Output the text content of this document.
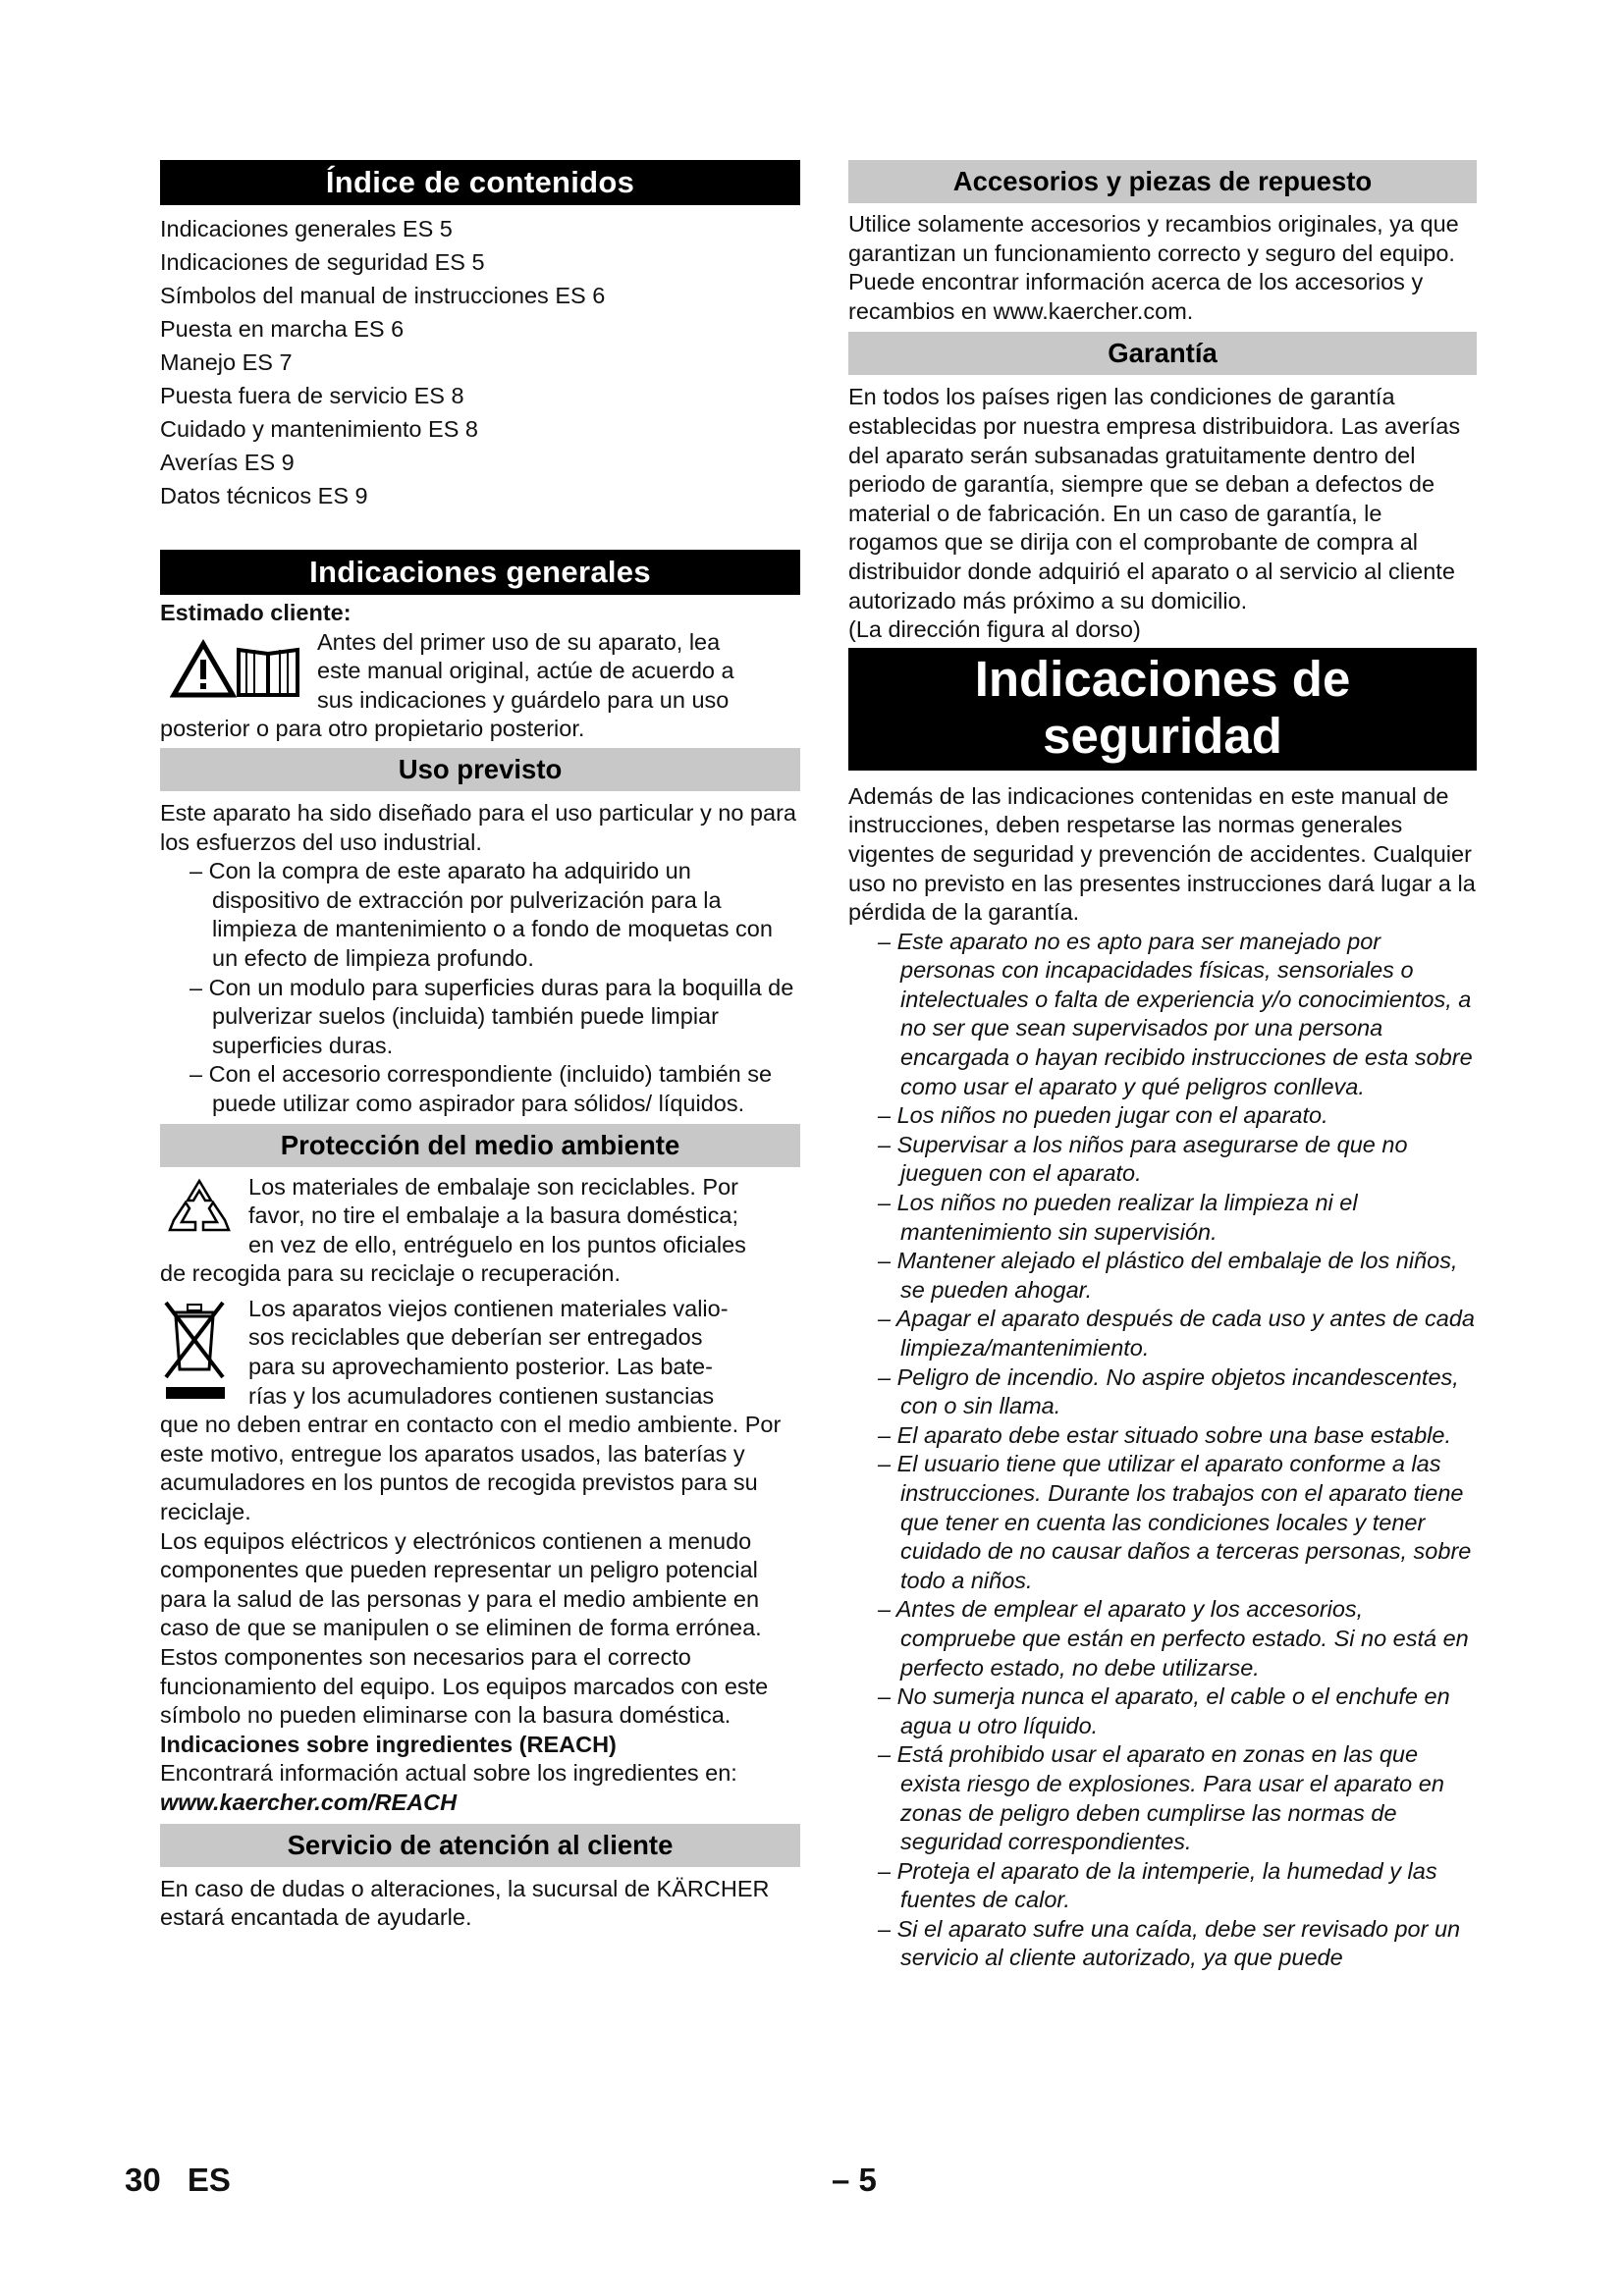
Índice de contenidos
Indicaciones generales ES 5
Indicaciones de seguridad ES 5
Símbolos del manual de instrucciones ES 6
Puesta en marcha ES 6
Manejo ES 7
Puesta fuera de servicio ES 8
Cuidado y mantenimiento ES 8
Averías ES 9
Datos técnicos ES 9
Indicaciones generales
Estimado cliente:
Antes del primer uso de su aparato, lea
este manual original, actúe de acuerdo a
sus indicaciones y guárdelo para un uso
posterior o para otro propietario posterior.
Uso previsto
Este aparato ha sido diseñado para el uso particular y no para los esfuerzos del uso industrial.
– Con la compra de este aparato ha adquirido un dispositivo de extracción por pulverización para la limpieza de mantenimiento o a fondo de moquetas con un efecto de limpieza profundo.
– Con un modulo para superficies duras para la boquilla de pulverizar suelos (incluida) también puede limpiar superficies duras.
– Con el accesorio correspondiente (incluido) también se puede utilizar como aspirador para sólidos/ líquidos.
Protección del medio ambiente
Los materiales de embalaje son reciclables. Por
favor, no tire el embalaje a la basura doméstica;
en vez de ello, entréguelo en los puntos oficiales
de recogida para su reciclaje o recuperación.
Los aparatos viejos contienen materiales valio-
sos reciclables que deberían ser entregados
para su aprovechamiento posterior. Las bate-
rías y los acumuladores contienen sustancias
que no deben entrar en contacto con el medio ambiente. Por este motivo, entregue los aparatos usados, las baterías y acumuladores en los puntos de recogida previstos para su reciclaje.
Los equipos eléctricos y electrónicos contienen a menudo componentes que pueden representar un peligro potencial para la salud de las personas y para el medio ambiente en caso de que se manipulen o se eliminen de forma errónea. Estos componentes son necesarios para el correcto funcionamiento del equipo. Los equipos marcados con este símbolo no pueden eliminarse con la basura doméstica.
Indicaciones sobre ingredientes (REACH)
Encontrará información actual sobre los ingredientes en:
www.kaercher.com/REACH
Servicio de atención al cliente
En caso de dudas o alteraciones, la sucursal de KÄRCHER estará encantada de ayudarle.
Accesorios y piezas de repuesto
Utilice solamente accesorios y recambios originales, ya que garantizan un funcionamiento correcto y seguro del equipo.
Puede encontrar información acerca de los accesorios y recambios en www.kaercher.com.
Garantía
En todos los países rigen las condiciones de garantía establecidas por nuestra empresa distribuidora. Las averías del aparato serán subsanadas gratuitamente dentro del periodo de garantía, siempre que se deban a defectos de material o de fabricación. En un caso de garantía, le rogamos que se dirija con el comprobante de compra al distribuidor donde adquirió el aparato o al servicio al cliente autorizado más próximo a su domicilio.
(La dirección figura al dorso)
Indicaciones de
seguridad
Además de las indicaciones contenidas en este manual de instrucciones, deben respetarse las normas generales vigentes de seguridad y prevención de accidentes. Cualquier uso no previsto en las presentes instrucciones dará lugar a la pérdida de la garantía.
– Este aparato no es apto para ser manejado por personas con incapacidades físicas, sensoriales o intelectuales o falta de experiencia y/o conocimientos, a no ser que sean supervisados por una persona encargada o hayan recibido instrucciones de esta sobre como usar el aparato y qué peligros conlleva.
– Los niños no pueden jugar con el aparato.
– Supervisar a los niños para asegurarse de que no jueguen con el aparato.
– Los niños no pueden realizar la limpieza ni el mantenimiento sin supervisión.
– Mantener alejado el plástico del embalaje de los niños, se pueden ahogar.
– Apagar el aparato después de cada uso y antes de cada limpieza/mantenimiento.
– Peligro de incendio. No aspire objetos incandescentes, con o sin llama.
– El aparato debe estar situado sobre una base estable.
– El usuario tiene que utilizar el aparato conforme a las instrucciones. Durante los trabajos con el aparato tiene que tener en cuenta las condiciones locales y tener cuidado de no causar daños a terceras personas, sobre todo a niños.
– Antes de emplear el aparato y los accesorios, compruebe que están en perfecto estado. Si no está en perfecto estado, no debe utilizarse.
– No sumerja nunca el aparato, el cable o el enchufe en agua u otro líquido.
– Está prohibido usar el aparato en zonas en las que exista riesgo de explosiones. Para usar el aparato en zonas de peligro deben cumplirse las normas de seguridad correspondientes.
– Proteja el aparato de la intemperie, la humedad y las fuentes de calor.
– Si el aparato sufre una caída, debe ser revisado por un servicio al cliente autorizado, ya que puede
30 ES	– 5
